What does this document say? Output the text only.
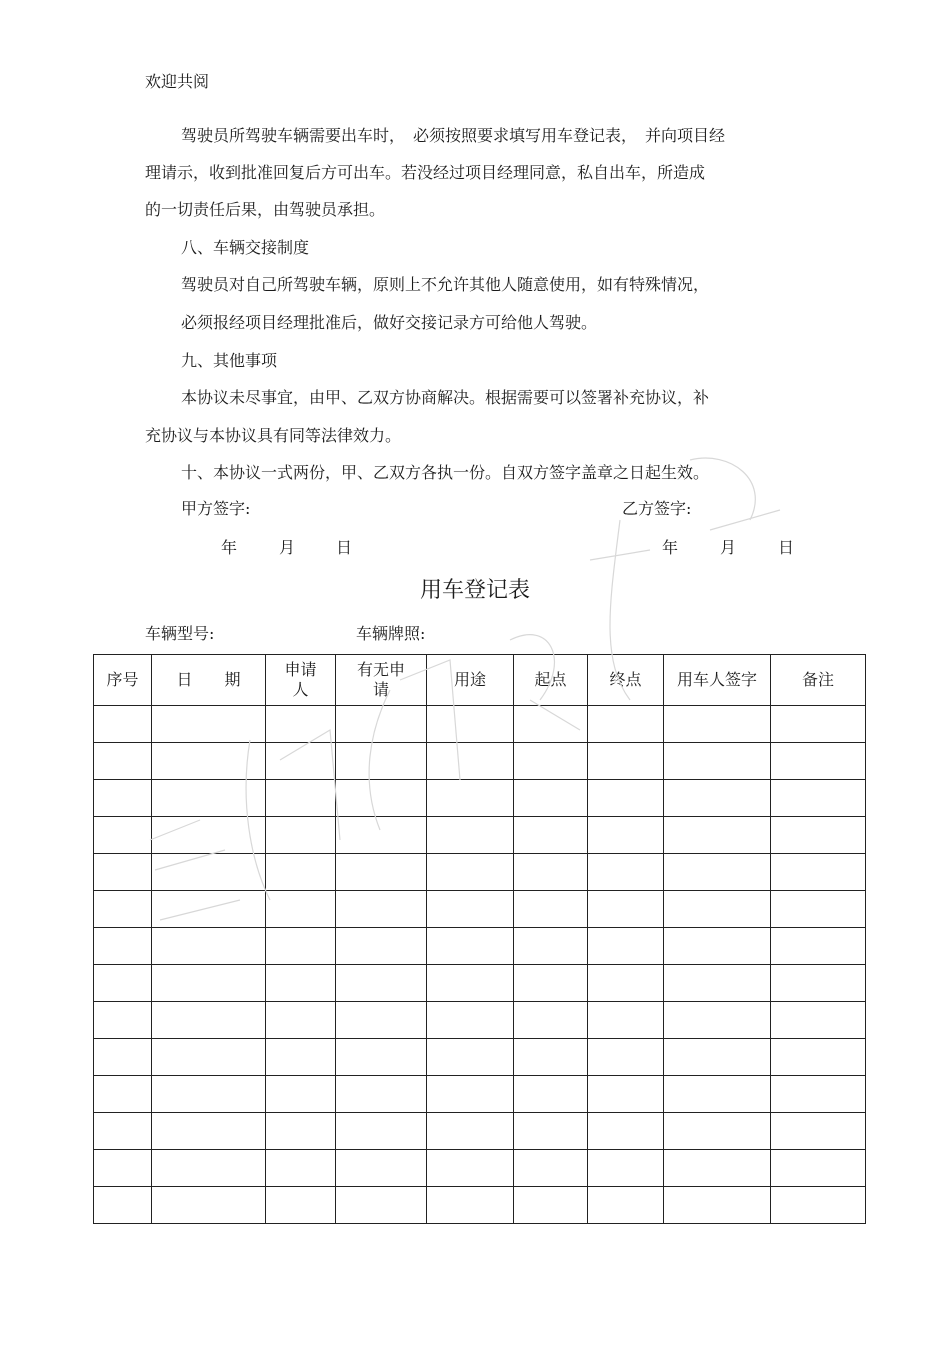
欢迎共阅
驾驶员所驾驶车辆需要出车时，　必须按照要求填写用车登记表，　并向项目经
理请示，收到批准回复后方可出车。若没经过项目经理同意，私自出车，所造成
的一切责任后果，由驾驶员承担。
八、车辆交接制度
驾驶员对自己所驾驶车辆，原则上不允许其他人随意使用，如有特殊情况，
必须报经项目经理批准后，做好交接记录方可给他人驾驶。
九、其他事项
本协议未尽事宜，由甲、乙双方协商解决。根据需要可以签署补充协议，补
充协议与本协议具有同等法律效力。
十、本协议一式两份，甲、乙双方各执一份。自双方签字盖章之日起生效。
甲方签字:	乙方签字:
年	月	日	年	月	日
用车登记表
车辆型号:	车辆牌照:
序号	日　　期	申请人	有无申请	用途	起点	终点	用车人签字	备注
